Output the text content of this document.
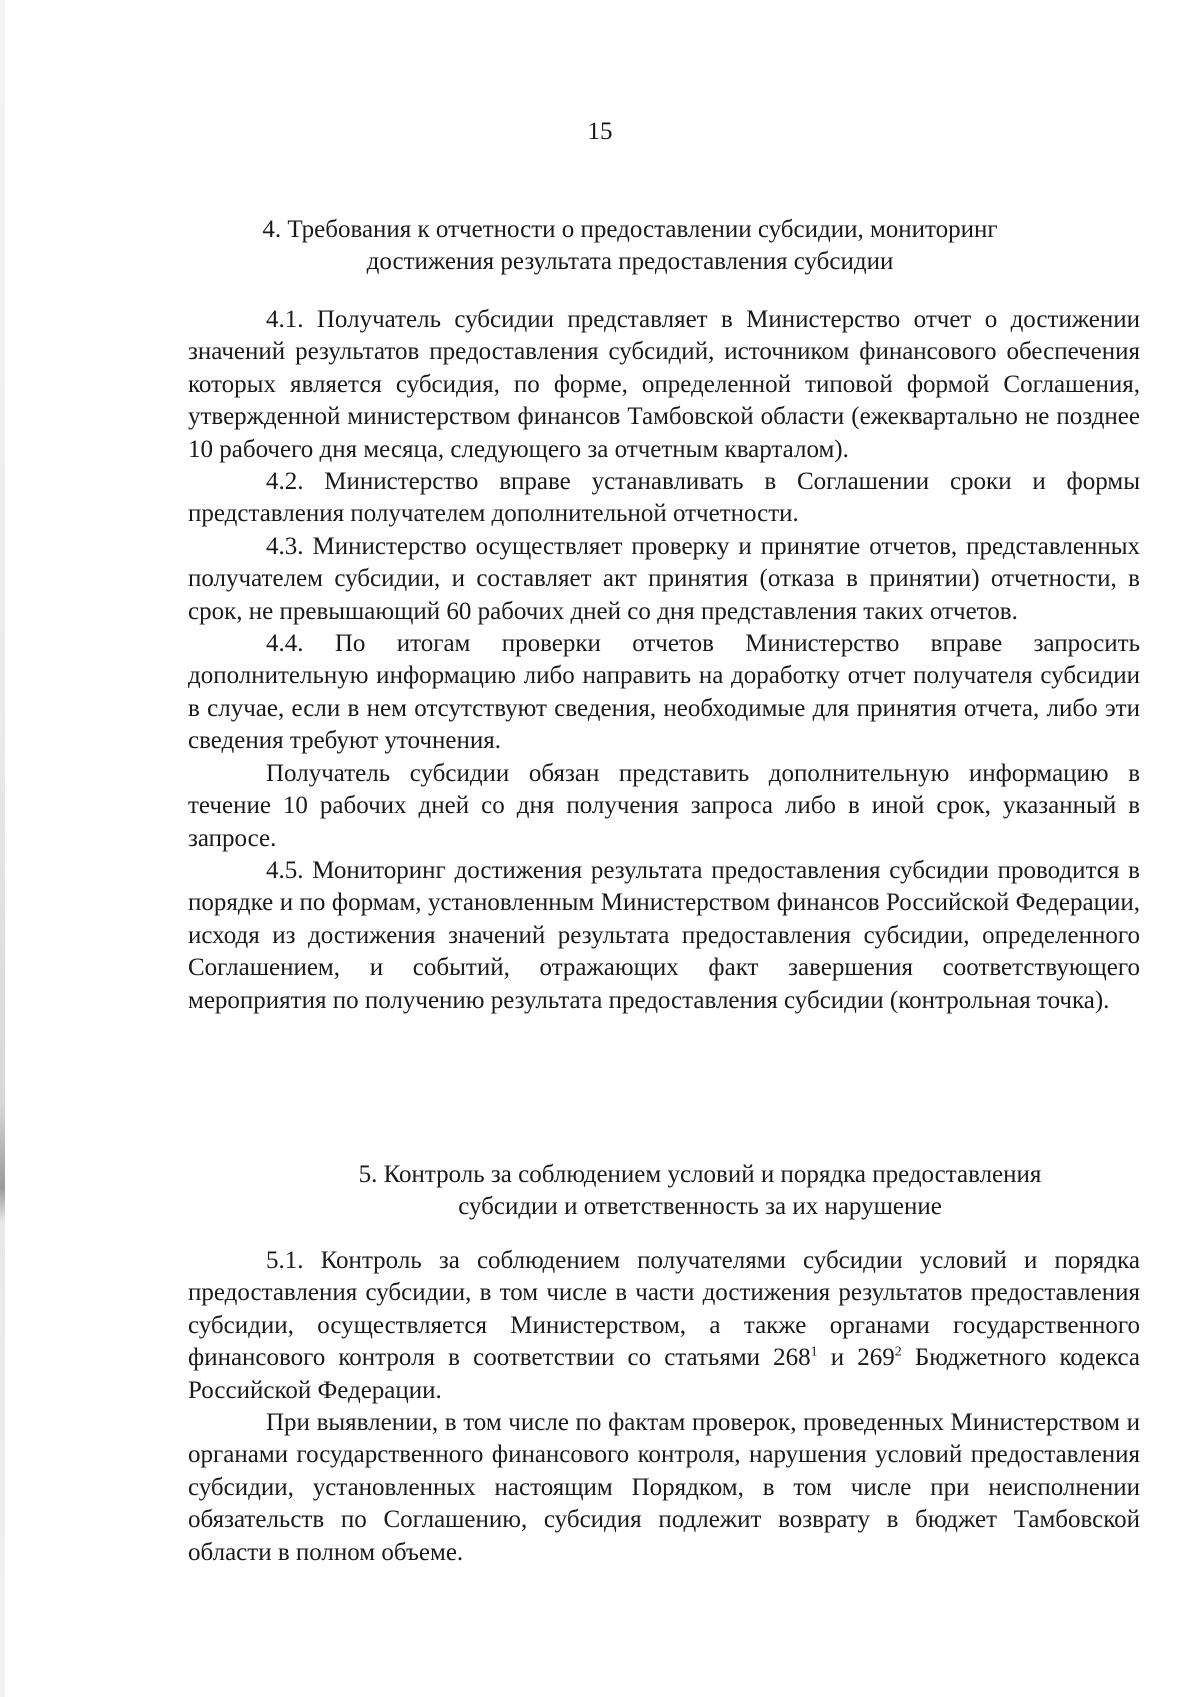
15
4. Требования к отчетности о предоставлении субсидии, мониторинг
достижения результата предоставления субсидии

4.1. Получатель субсидии представляет в Министерство отчет о достижении значений результатов предоставления субсидий, источником финансового обеспечения которых является субсидия, по форме, определенной типовой формой Соглашения, утвержденной министерством финансов Тамбовской области (ежеквартально не позднее 10 рабочего дня месяца, следующего за отчетным кварталом).

4.2. Министерство вправе устанавливать в Соглашении сроки и формы представления получателем дополнительной отчетности.

4.3. Министерство осуществляет проверку и принятие отчетов, представленных получателем субсидии, и составляет акт принятия (отказа в принятии) отчетности, в срок, не превышающий 60 рабочих дней со дня представления таких отчетов.

4.4. По итогам проверки отчетов Министерство вправе запросить дополнительную информацию либо направить на доработку отчет получателя субсидии в случае, если в нем отсутствуют сведения, необходимые для принятия отчета, либо эти сведения требуют уточнения.

Получатель субсидии обязан представить дополнительную информацию в течение 10 рабочих дней со дня получения запроса либо в иной срок, указанный в запросе.

4.5. Мониторинг достижения результата предоставления субсидии проводится в порядке и по формам, установленным Министерством финансов Российской Федерации, исходя из достижения значений результата предоставления субсидии, определенного Соглашением, и событий, отражающих факт завершения соответствующего мероприятия по получению результата предоставления субсидии (контрольная точка).

5. Контроль за соблюдением условий и порядка предоставления
субсидии и ответственность за их нарушение

5.1. Контроль за соблюдением получателями субсидии условий и порядка предоставления субсидии, в том числе в части достижения результатов предоставления субсидии, осуществляется Министерством, а также органами государственного финансового контроля в соответствии со статьями $268^1$ и $269^2$ Бюджетного кодекса Российской Федерации.

При выявлении, в том числе по фактам проверок, проведенных Министерством и органами государственного финансового контроля, нарушения условий предоставления субсидии, установленных настоящим Порядком, в том числе при неисполнении обязательств по Соглашению, субсидия подлежит возврату в бюджет Тамбовской области в полном объеме.
